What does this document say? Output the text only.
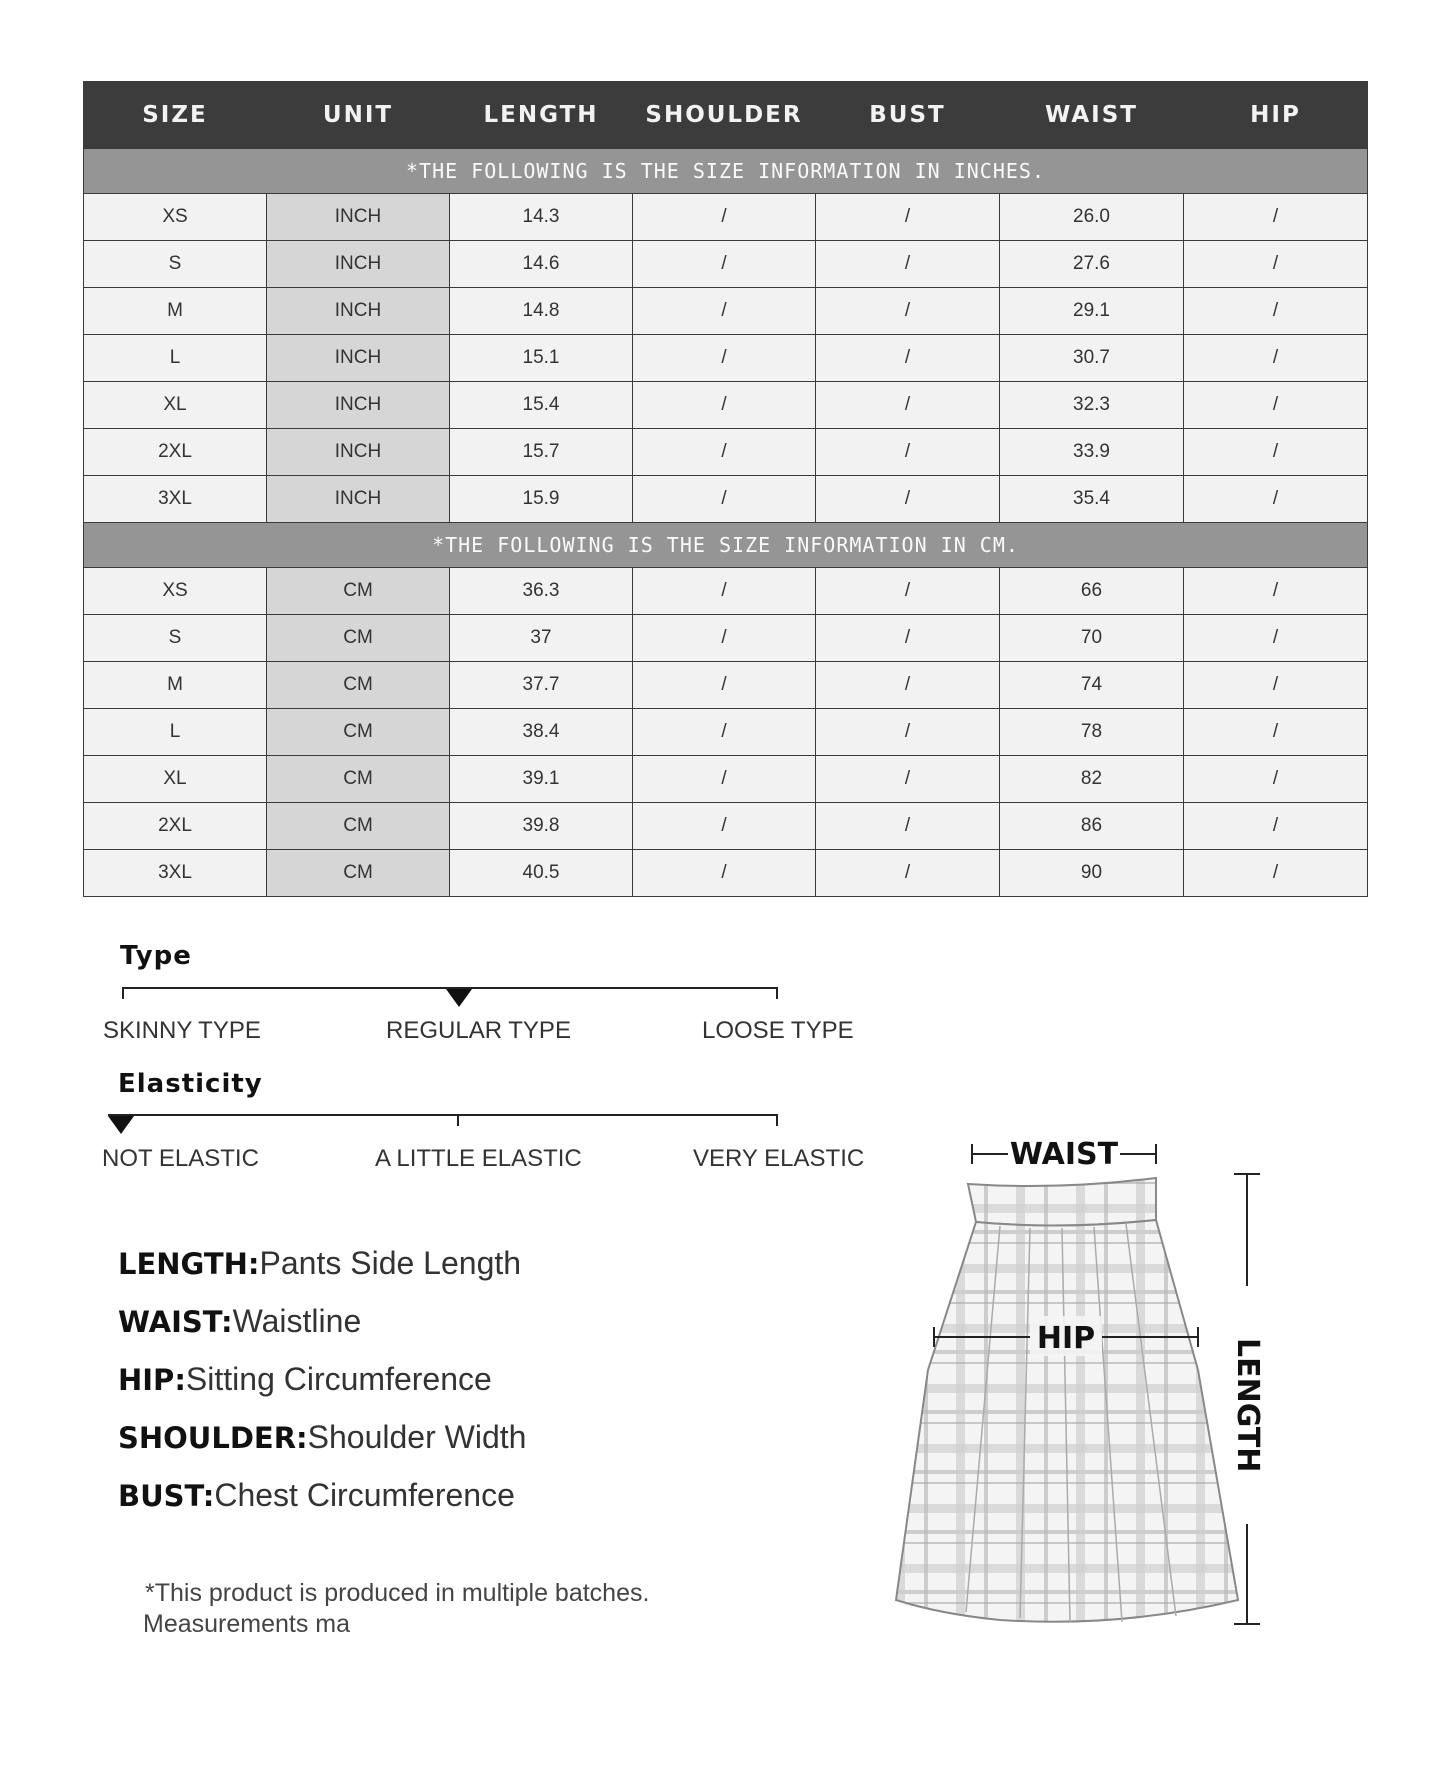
SIZE	UNIT	LENGTH	SHOULDER	BUST	WAIST	HIP
*THE FOLLOWING IS THE SIZE INFORMATION IN INCHES.						
XS	INCH	14.3	/	/	26.0	/
S	INCH	14.6	/	/	27.6	/
M	INCH	14.8	/	/	29.1	/
L	INCH	15.1	/	/	30.7	/
XL	INCH	15.4	/	/	32.3	/
2XL	INCH	15.7	/	/	33.9	/
3XL	INCH	15.9	/	/	35.4	/
*THE FOLLOWING IS THE SIZE INFORMATION IN CM.						
XS	CM	36.3	/	/	66	/
S	CM	37	/	/	70	/
M	CM	37.7	/	/	74	/
L	CM	38.4	/	/	78	/
XL	CM	39.1	/	/	82	/
2XL	CM	39.8	/	/	86	/
3XL	CM	40.5	/	/	90	/
Type
SKINNY TYPE	REGULAR TYPE	LOOSE TYPE
Elasticity
NOT ELASTIC	A LITTLE ELASTIC	VERY ELASTIC
LENGTH:Pants Side Length
WAIST:Waistline
HIP:Sitting Circumference
SHOULDER:Shoulder Width
BUST:Chest Circumference
*This product is produced in multiple batches.
Measurements ma
WAIST
HIP	LENGTH
